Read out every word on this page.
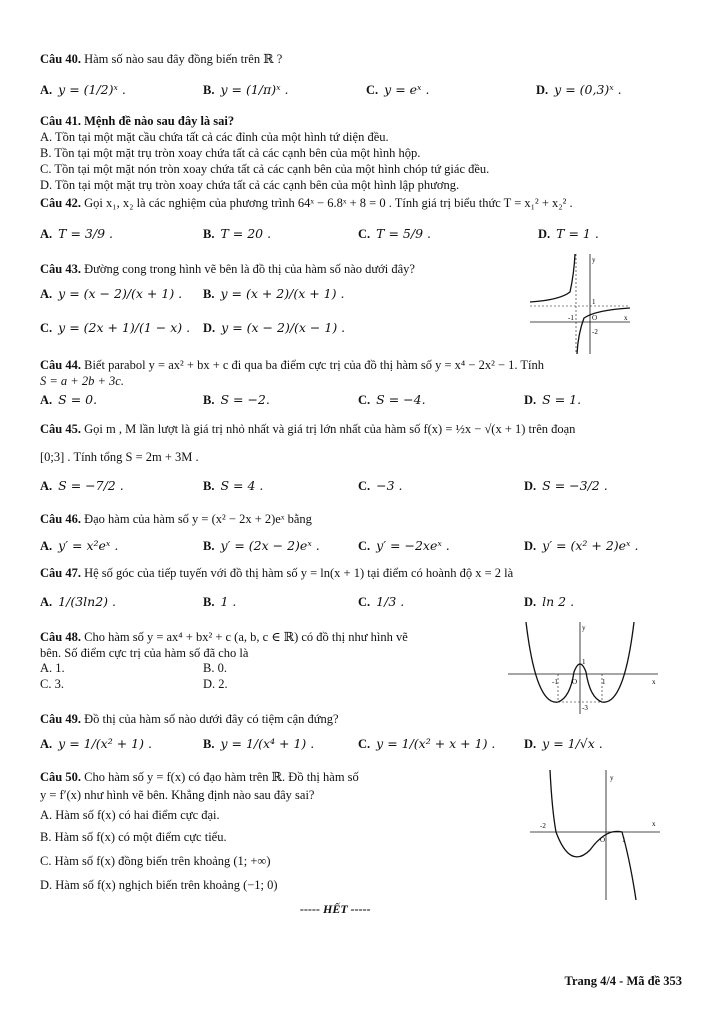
Câu 40. Hàm số nào sau đây đồng biến trên ℝ ?
A. y = (1/2)ˣ .	B. y = (1/π)ˣ .	C. y = eˣ .	D. y = (0,3)ˣ .
Câu 41. Mệnh đề nào sau đây là sai?
A. Tồn tại một mặt cầu chứa tất cả các đỉnh của một hình tứ diện đều.
B. Tồn tại một mặt trụ tròn xoay chứa tất cả các cạnh bên của một hình hộp.
C. Tồn tại một mặt nón tròn xoay chứa tất cả các cạnh bên của một hình chóp tứ giác đều.
D. Tồn tại một mặt trụ tròn xoay chứa tất cả các cạnh bên của một hình lập phương.
Câu 42. Gọi x₁, x₂ là các nghiệm của phương trình 64ˣ − 6.8ˣ + 8 = 0 . Tính giá trị biểu thức T = x₁² + x₂² .
A. T = 3/9 .	B. T = 20 .	C. T = 5/9 .	D. T = 1 .
Câu 43. Đường cong trong hình vẽ bên là đồ thị của hàm số nào dưới đây?
A. y = (x − 2)/(x + 1) . B. y = (x + 2)/(x + 1) .
C. y = (2x + 1)/(1 − x) . D. y = (x − 2)/(x − 1) .
y
1
-1	O	x
-2
Câu 44. Biết parabol y = ax² + bx + c đi qua ba điểm cực trị của đồ thị hàm số y = x⁴ − 2x² − 1. Tính
S = a + 2b + 3c.
A. S = 0.	B. S = −2.	C. S = −4.	D. S = 1.
Câu 45. Gọi m , M lần lượt là giá trị nhỏ nhất và giá trị lớn nhất của hàm số f(x) = ½x − √(x + 1) trên đoạn
[0;3] . Tính tổng S = 2m + 3M .
A. S = −7/2 .	B. S = 4 .	C. −3 .	D. S = −3/2 .
Câu 46. Đạo hàm của hàm số y = (x² − 2x + 2)eˣ bằng
A. y′ = x²eˣ .	B. y′ = (2x − 2)eˣ .	C. y′ = −2xeˣ .	D. y′ = (x² + 2)eˣ .
Câu 47. Hệ số góc của tiếp tuyến với đồ thị hàm số y = ln(x + 1) tại điểm có hoành độ x = 2 là
A. 1/(3ln2) .	B. 1 .	C. 1/3 .	D. ln 2 .
Câu 48. Cho hàm số y = ax⁴ + bx² + c (a, b, c ∈ ℝ) có đồ thị như hình vẽ
bên. Số điểm cực trị của hàm số đã cho là
A. 1.	B. 0.
C. 3.	D. 2.
y
1
-1 O	1	x
-3
Câu 49. Đồ thị của hàm số nào dưới đây có tiệm cận đứng?
A. y = 1/(x² + 1) .	B. y = 1/(x⁴ + 1) .	C. y = 1/(x² + x + 1) . D. y = 1/√x .
Câu 50. Cho hàm số y = f(x) có đạo hàm trên ℝ. Đồ thị hàm số
y = f′(x) như hình vẽ bên. Khẳng định nào sau đây sai?
A. Hàm số f(x) có hai điểm cực đại.
B. Hàm số f(x) có một điểm cực tiểu.
C. Hàm số f(x) đồng biến trên khoảng (1; +∞)
D. Hàm số f(x) nghịch biến trên khoảng (−1; 0)
y
x
-2
O 1
----- HẾT -----
Trang 4/4 - Mã đề 353
